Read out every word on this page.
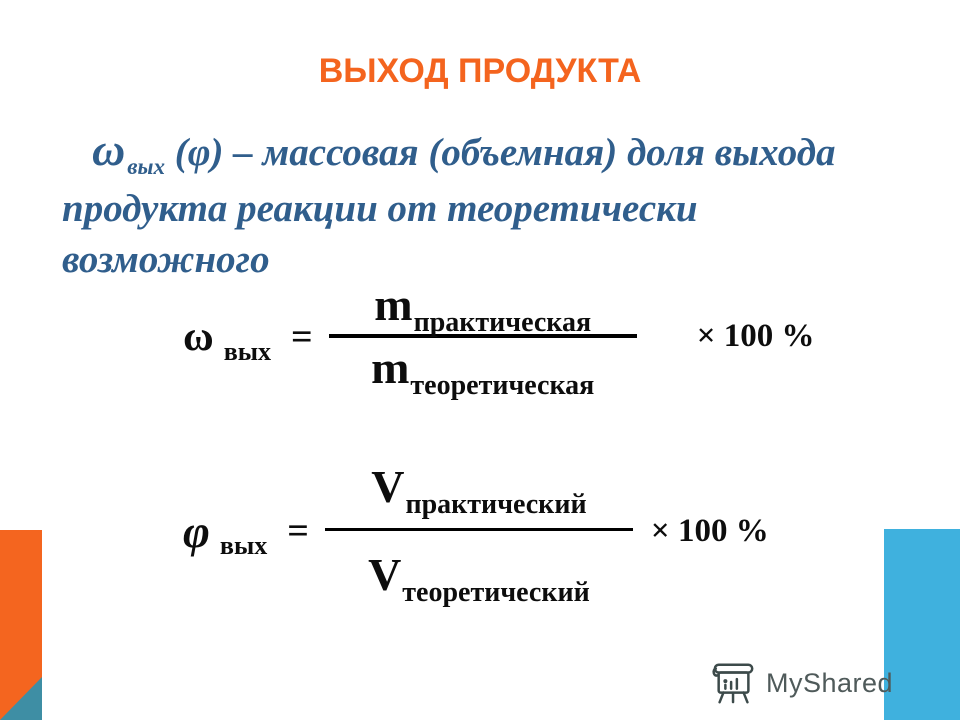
ВЫХОД ПРОДУКТА
$\omega_{вых}$ (φ) – массовая (объемная) доля выхода
продукта реакции от теоретически
возможного
ω вых = $\frac{\text{mпрактическая}}{\text{mтеоретическая}} \times 100$ %
φ вых = $\frac{\text{Vпрактический}}{\text{Vтеоретический}} \times 100$ %
MyShared
